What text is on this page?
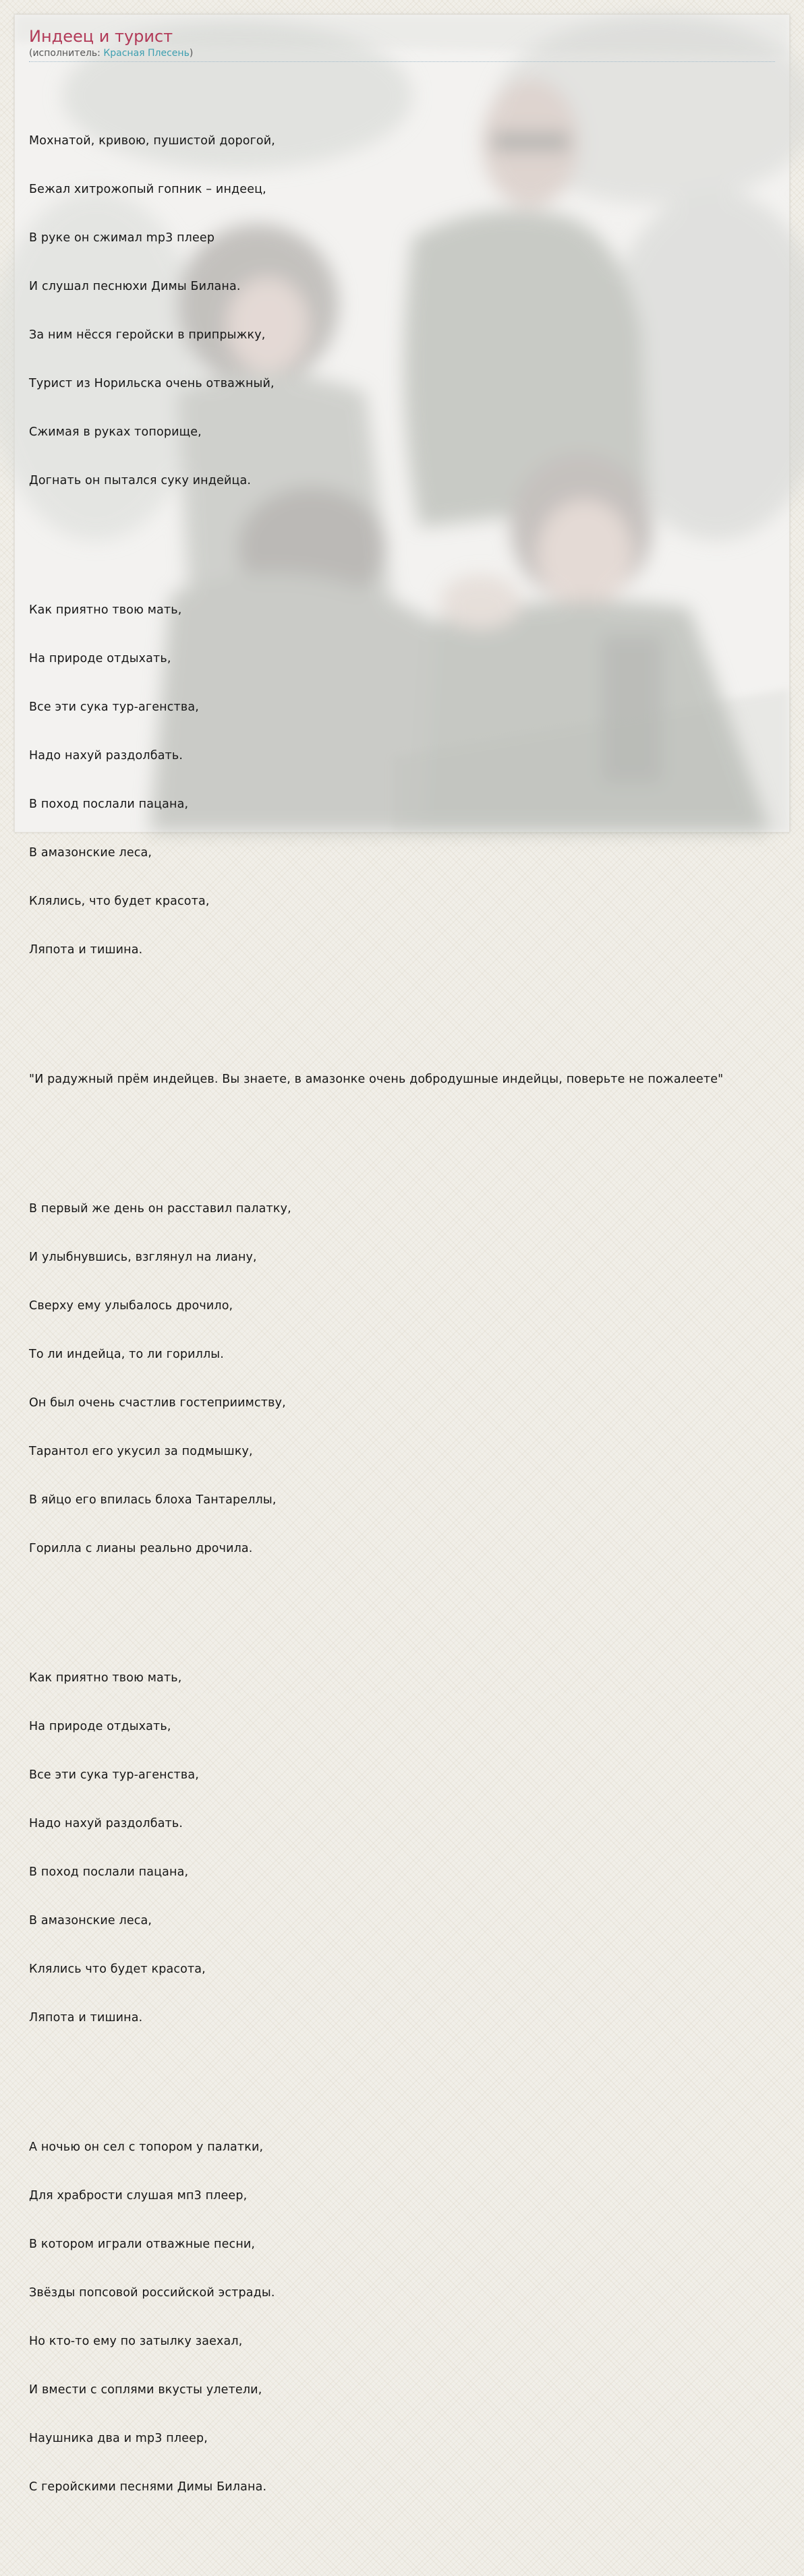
Индеец и турист
(исполнитель: Красная Плесень)

Мохнатой, кривою, пушистой дорогой,

Бежал хитрожопый гопник – индеец,

В руке он сжимал mp3 плеер

И слушал песнюхи Димы Билана.

За ним нёсся геройски в припрыжку,

Турист из Норильска очень отважный,

Сжимая в руках топорище,

Догнать он пытался суку индейца.

Как приятно твою мать,

На природе отдыхать,

Все эти сука тур-агенства,

Надо нахуй раздолбать.

В поход послали пацана,

В амазонские леса,

Клялись, что будет красота,

Ляпота и тишина.

"И радужный прём индейцев. Вы знаете, в амазонке очень добродушные индейцы, поверьте не пожалеете"

В первый же день он расставил палатку,

И улыбнувшись, взглянул на лиану,

Сверху ему улыбалось дрочило,

То ли индейца, то ли гориллы.

Он был очень счастлив гостеприимству,

Тарантол его укусил за подмышку,

В яйцо его впилась блоха Тантареллы,

Горилла с лианы реально дрочила.

Как приятно твою мать,

На природе отдыхать,

Все эти сука тур-агенства,

Надо нахуй раздолбать.

В поход послали пацана,

В амазонские леса,

Клялись что будет красота,

Ляпота и тишина.

А ночью он сел с топором у палатки,

Для храбрости слушая мп3 плеер,

В котором играли отважные песни,

Звёзды попсовой российской эстрады.

Но кто-то ему по затылку заехал,

И вмести с соплями вкусты улетели,

Наушника два и mp3 плеер,

С геройскими песнями Димы Билана.
